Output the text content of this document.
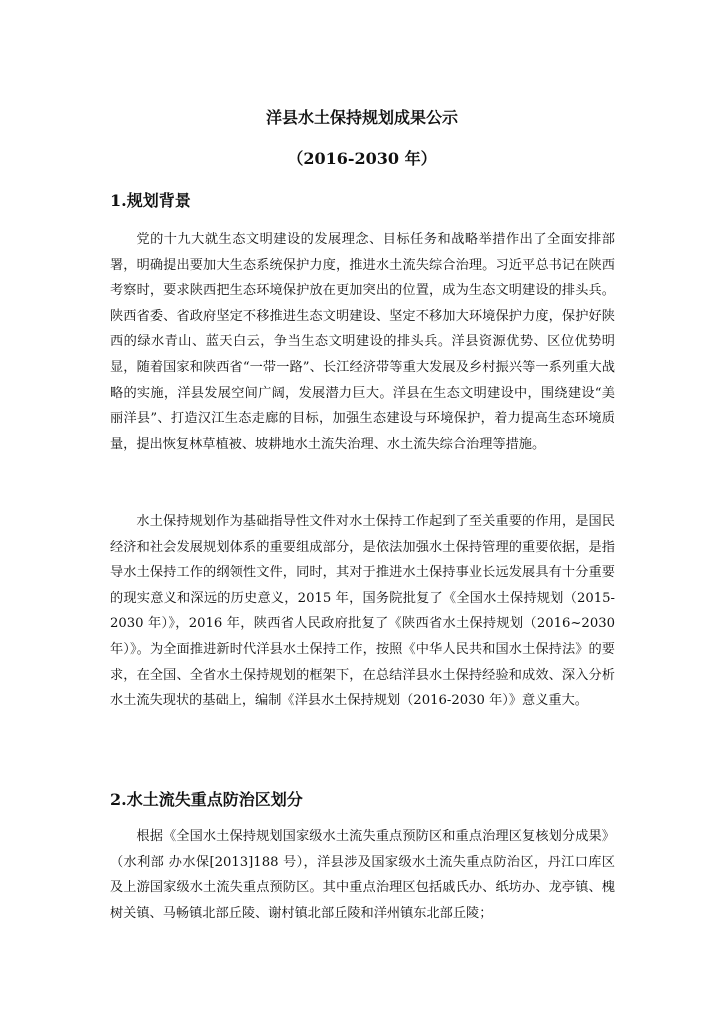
洋县水土保持规划成果公示
（2016-2030 年）
1.规划背景

党的十九大就生态文明建设的发展理念、目标任务和战略举措作出了全面安排部署，明确提出要加大生态系统保护力度，推进水土流失综合治理。习近平总书记在陕西考察时，要求陕西把生态环境保护放在更加突出的位置，成为生态文明建设的排头兵。陕西省委、省政府坚定不移推进生态文明建设、坚定不移加大环境保护力度，保护好陕西的绿水青山、蓝天白云，争当生态文明建设的排头兵。洋县资源优势、区位优势明显，随着国家和陕西省“一带一路”、长江经济带等重大发展及乡村振兴等一系列重大战略的实施，洋县发展空间广阔，发展潜力巨大。洋县在生态文明建设中，围绕建设“美丽洋县”、打造汉江生态走廊的目标，加强生态建设与环境保护，着力提高生态环境质量，提出恢复林草植被、坡耕地水土流失治理、水土流失综合治理等措施。

水土保持规划作为基础指导性文件对水土保持工作起到了至关重要的作用，是国民经济和社会发展规划体系的重要组成部分，是依法加强水土保持管理的重要依据，是指导水土保持工作的纲领性文件，同时，其对于推进水土保持事业长远发展具有十分重要的现实意义和深远的历史意义，2015 年，国务院批复了《全国水土保持规划（2015-2030 年）》，2016 年，陕西省人民政府批复了《陕西省水土保持规划（2016~2030 年）》。为全面推进新时代洋县水土保持工作，按照《中华人民共和国水土保持法》的要求，在全国、全省水土保持规划的框架下，在总结洋县水土保持经验和成效、深入分析水土流失现状的基础上，编制《洋县水土保持规划（2016-2030 年）》意义重大。

2.水土流失重点防治区划分

根据《全国水土保持规划国家级水土流失重点预防区和重点治理区复核划分成果》（水利部 办水保[2013]188 号），洋县涉及国家级水土流失重点防治区，丹江口库区及上游国家级水土流失重点预防区。其中重点治理区包括戚氏办、纸坊办、龙亭镇、槐树关镇、马畅镇北部丘陵、谢村镇北部丘陵和洋州镇东北部丘陵；
